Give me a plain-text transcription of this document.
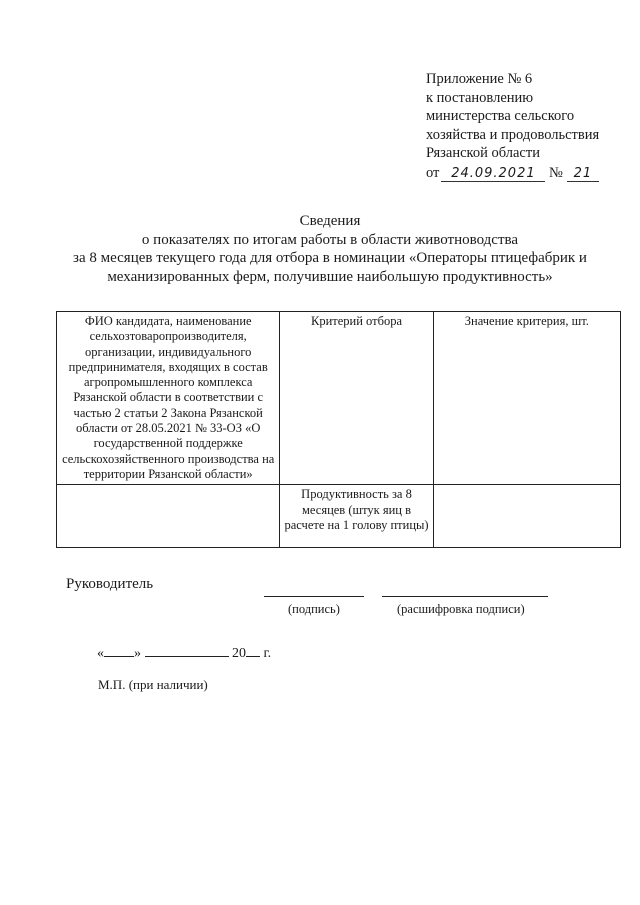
Приложение № 6
к постановлению
министерства сельского
хозяйства и продовольствия
Рязанской области
от 24.09.2021 № 21
Сведения
о показателях по итогам работы в области животноводства
за 8 месяцев текущего года для отбора в номинации «Операторы птицефабрик и
механизированных ферм, получившие наибольшую продуктивность»
ФИО кандидата, наименование сельхозтоваропроизводителя, организации, индивидуального предпринимателя, входящих в состав агропромышленного комплекса Рязанской области в соответствии с частью 2 статьи 2 Закона Рязанской области от 28.05.2021 № 33-ОЗ «О государственной поддержке сельскохозяйственного производства на территории Рязанской области»	Критерий отбора	Значение критерия, шт.
	Продуктивность за 8 месяцев (штук яиц в расчете на 1 голову птицы)	
Руководитель
(подпись)	(расшифровка подписи)
« »	20 г.
М.П. (при наличии)
